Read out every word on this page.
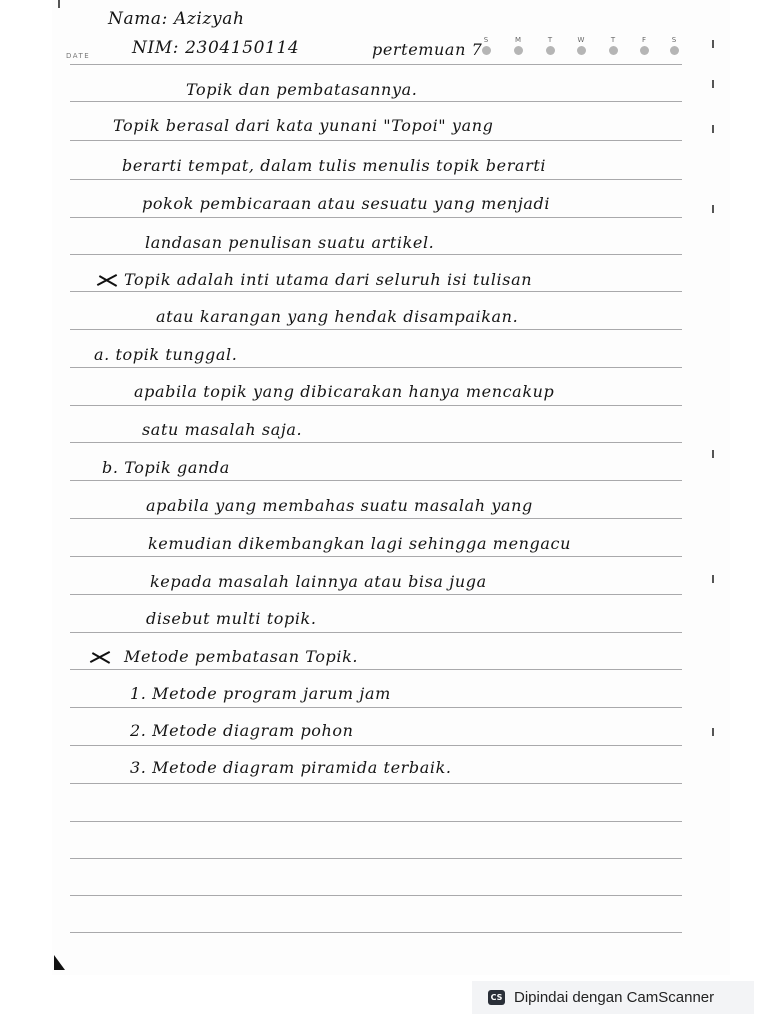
DATE
S	M	T	W	T	F	S
Nama: Azizyah
NIM: 2304150114	pertemuan 7
Topik dan pembatasannya.
Topik berasal dari kata yunani "Topoi" yang
berarti tempat, dalam tulis menulis topik berarti
pokok pembicaraan atau sesuatu yang menjadi
landasan penulisan suatu artikel.
Topik adalah inti utama dari seluruh isi tulisan
atau karangan yang hendak disampaikan.
a. topik tunggal.
apabila topik yang dibicarakan hanya mencakup
satu masalah saja.
b. Topik ganda
apabila yang membahas suatu masalah yang
kemudian dikembangkan lagi sehingga mengacu
kepada masalah lainnya atau bisa juga
disebut multi topik.
Metode pembatasan Topik.
1. Metode program jarum jam
2. Metode diagram pohon
3. Metode diagram piramida terbaik.
CS Dipindai dengan CamScanner
